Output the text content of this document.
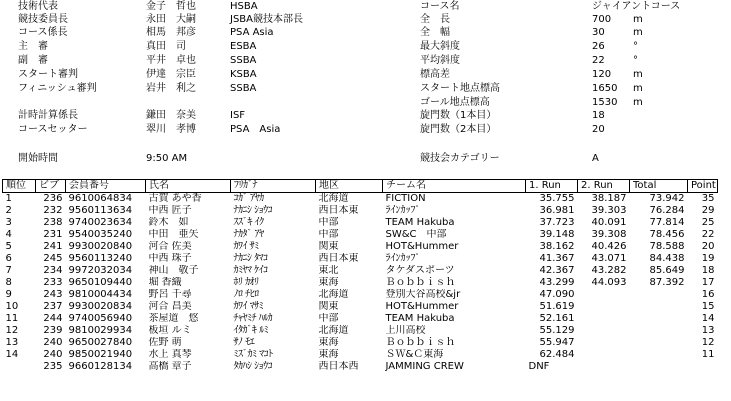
技術代表	金子　哲也	HSBA
競技委員長	永田　大嗣	JSBA競技本部長
コース係長	相馬　邦彦	PSA Asia
主　審	真田　司	ESBA
副　審	平井　卓也	SSBA
スタート審判	伊達　宗臣	KSBA
フィニッシュ審判	岩井　利之	SSBA
計時計算係長	鎌田　奈美	ISF
コースセッター	翠川　孝博	PSA　Asia
開始時間	9:50 AM
コース名	ジャイアントコース
全　長	700 m
全　幅	30	m
最大斜度	26	°
平均斜度	22	°
標高差	120 m
スタート地点標高	1650 m
ゴール地点標高	1530 m
旋門数（1本目）	18
旋門数（2本目）	20
競技会カテゴリー	A
順位	ビブ	会員番号	氏名	ﾌﾘｶﾞﾅ	地区	チーム名	1. Run	2. Run	Total	Point
1	236	9610064834	古賀 あや香	ｺｶﾞ ｱﾔｶ	北海道	FICTION	35.755	38.187	73.942	35
2	232	9560113634	中西 匠子	ﾅｶﾆｼ ｼｮｳｺ	西日本東	ﾗｲﾝｶｯﾌﾟ	36.981	39.303	76.284	29
3	238	9740023634	鈴木　如	ｽｽﾞｷ ｲｸ	中部	TEAM Hakuba	37.723	40.091	77.814	25
4	231	9540035240	中田　亜矢	ﾅｶﾀﾞ ｱﾔ	中部	SW&C　中部	39.148	39.308	78.456	22
5	241	9930020840	河合 佐美	ｶﾜｲ ｻﾐ	関東	HOT&Hummer	38.162	40.426	78.588	20
6	245	9560113240	中西 珠子	ﾅｶﾆｼ ﾀﾏｺ	西日本東	ﾗｲﾝｶｯﾌﾟ	41.367	43.071	84.438	19
7	234	9972032034	神山　敬子	ｶﾐﾔﾏ ｹｲｺ	東北	タケダスポーツ	42.367	43.282	85.649	18
8	233	9650109440	堀 香織	ﾎﾘ ｶｵﾘ	東海	Ｂｏｂｂｉｓｈ	43.299	44.093	87.392	17
9	243	9810004434	野呂 千尋	ﾉﾛ ﾁﾋﾛ	北海道	登別大谷高校&jr	47.090			16
10	237	9930020834	河合 昌美	ｶﾜｲ ﾏｻﾐ	関東	HOT&Hummer	51.619			15
11	244	9740056940	茶屋道　悠	ﾁｬﾔﾐﾁ ﾊﾙｶ	中部	TEAM Hakuba	52.161			14
12	239	9810029934	板垣 ルミ	ｲﾀｶﾞｷ ﾙﾐ	北海道	上川高校	55.129			13
13	240	9650027840	佐野 萌	ｻﾉ ﾓｴ	東海	Ｂｏｂｂｉｓｈ	55.947			12
14	240	9850021940	水上 真琴	ﾐｽﾞｶﾐ ﾏｺﾄ	東海	ＳＷ&Ｃ東海	62.484			11
	235	9660128134	高橋 章子	ﾀｶﾊｼ ｼｮｳｺ	西日本西	JAMMING CREW	DNF			
